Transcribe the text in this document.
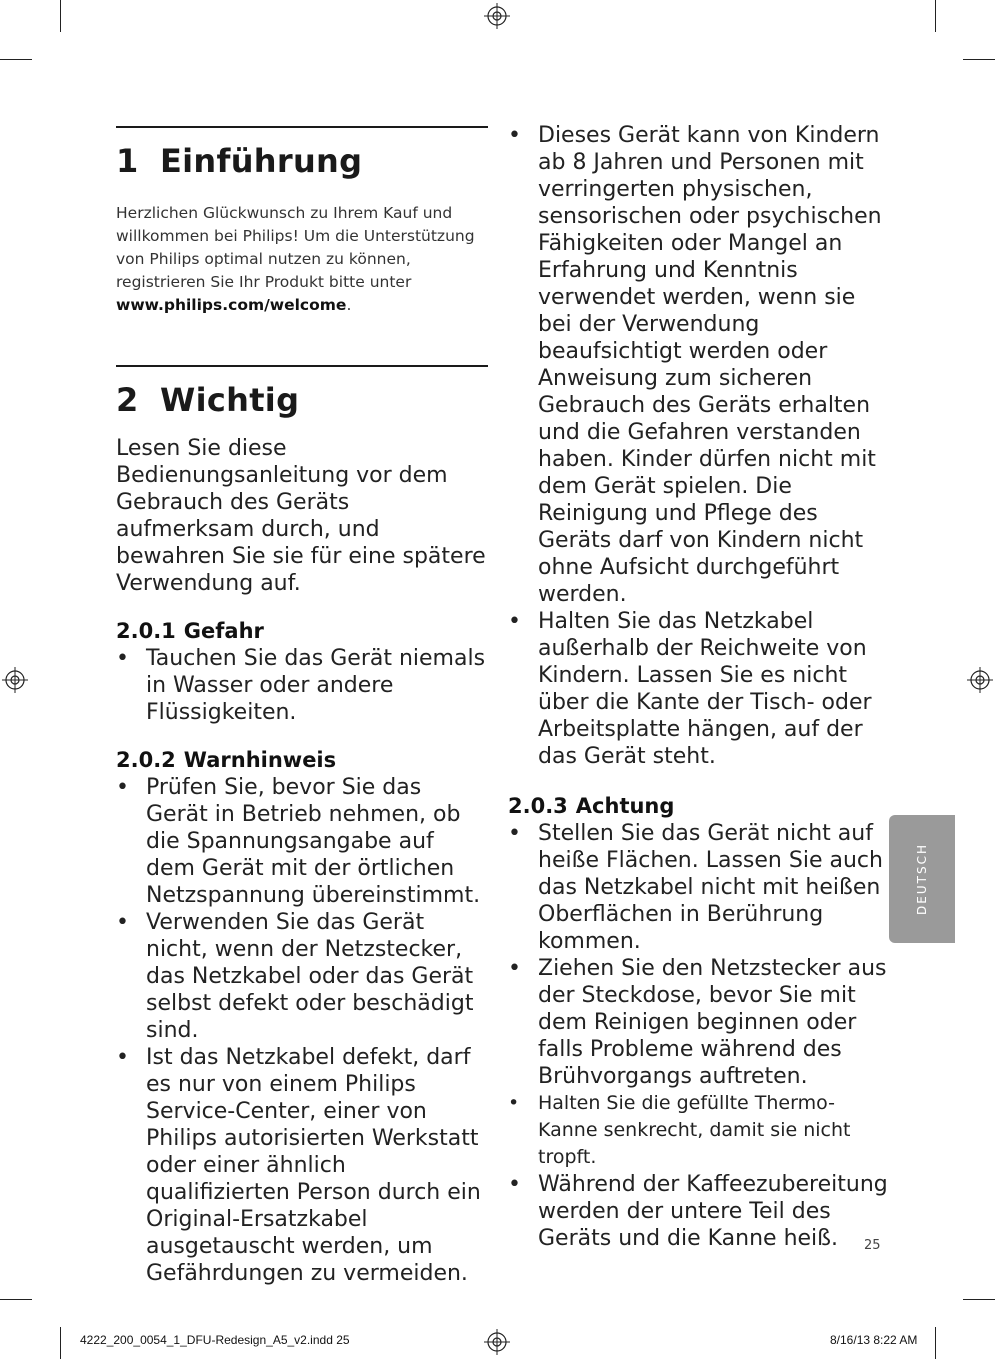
1 Einführung
Herzlichen Glückwunsch zu Ihrem Kauf und willkommen bei Philips! Um die Unterstützung von Philips optimal nutzen zu können, registrieren Sie Ihr Produkt bitte unter www.philips.com/welcome.
2 Wichtig
Lesen Sie diese Bedienungsanleitung vor dem Gebrauch des Geräts aufmerksam durch, und bewahren Sie sie für eine spätere Verwendung auf.
2.0.1 Gefahr
• Tauchen Sie das Gerät niemals in Wasser oder andere Flüssigkeiten.
2.0.2 Warnhinweis
• Prüfen Sie, bevor Sie das Gerät in Betrieb nehmen, ob die Spannungsangabe auf dem Gerät mit der örtlichen Netzspannung übereinstimmt.
• Verwenden Sie das Gerät nicht, wenn der Netzstecker, das Netzkabel oder das Gerät selbst defekt oder beschädigt sind.
• Ist das Netzkabel defekt, darf es nur von einem Philips Service-Center, einer von Philips autorisierten Werkstatt oder einer ähnlich qualifizierten Person durch ein Original-Ersatzkabel ausgetauscht werden, um Gefährdungen zu vermeiden.
• Dieses Gerät kann von Kindern ab 8 Jahren und Personen mit verringerten physischen, sensorischen oder psychischen Fähigkeiten oder Mangel an Erfahrung und Kenntnis verwendet werden, wenn sie bei der Verwendung beaufsichtigt werden oder Anweisung zum sicheren Gebrauch des Geräts erhalten und die Gefahren verstanden haben. Kinder dürfen nicht mit dem Gerät spielen. Die Reinigung und Pflege des Geräts darf von Kindern nicht ohne Aufsicht durchgeführt werden.
• Halten Sie das Netzkabel außerhalb der Reichweite von Kindern. Lassen Sie es nicht über die Kante der Tisch- oder Arbeitsplatte hängen, auf der das Gerät steht.
2.0.3 Achtung
• Stellen Sie das Gerät nicht auf heiße Flächen. Lassen Sie auch das Netzkabel nicht mit heißen Oberflächen in Berührung kommen.
• Ziehen Sie den Netzstecker aus der Steckdose, bevor Sie mit dem Reinigen beginnen oder falls Probleme während des Brühvorgangs auftreten.
• Halten Sie die gefüllte Thermo-Kanne senkrecht, damit sie nicht tropft.
• Während der Kaffeezubereitung werden der untere Teil des Geräts und die Kanne heiß.
DEUTSCH
25
4222_200_0054_1_DFU-Redesign_A5_v2.indd 25	8/16/13 8:22 AM
